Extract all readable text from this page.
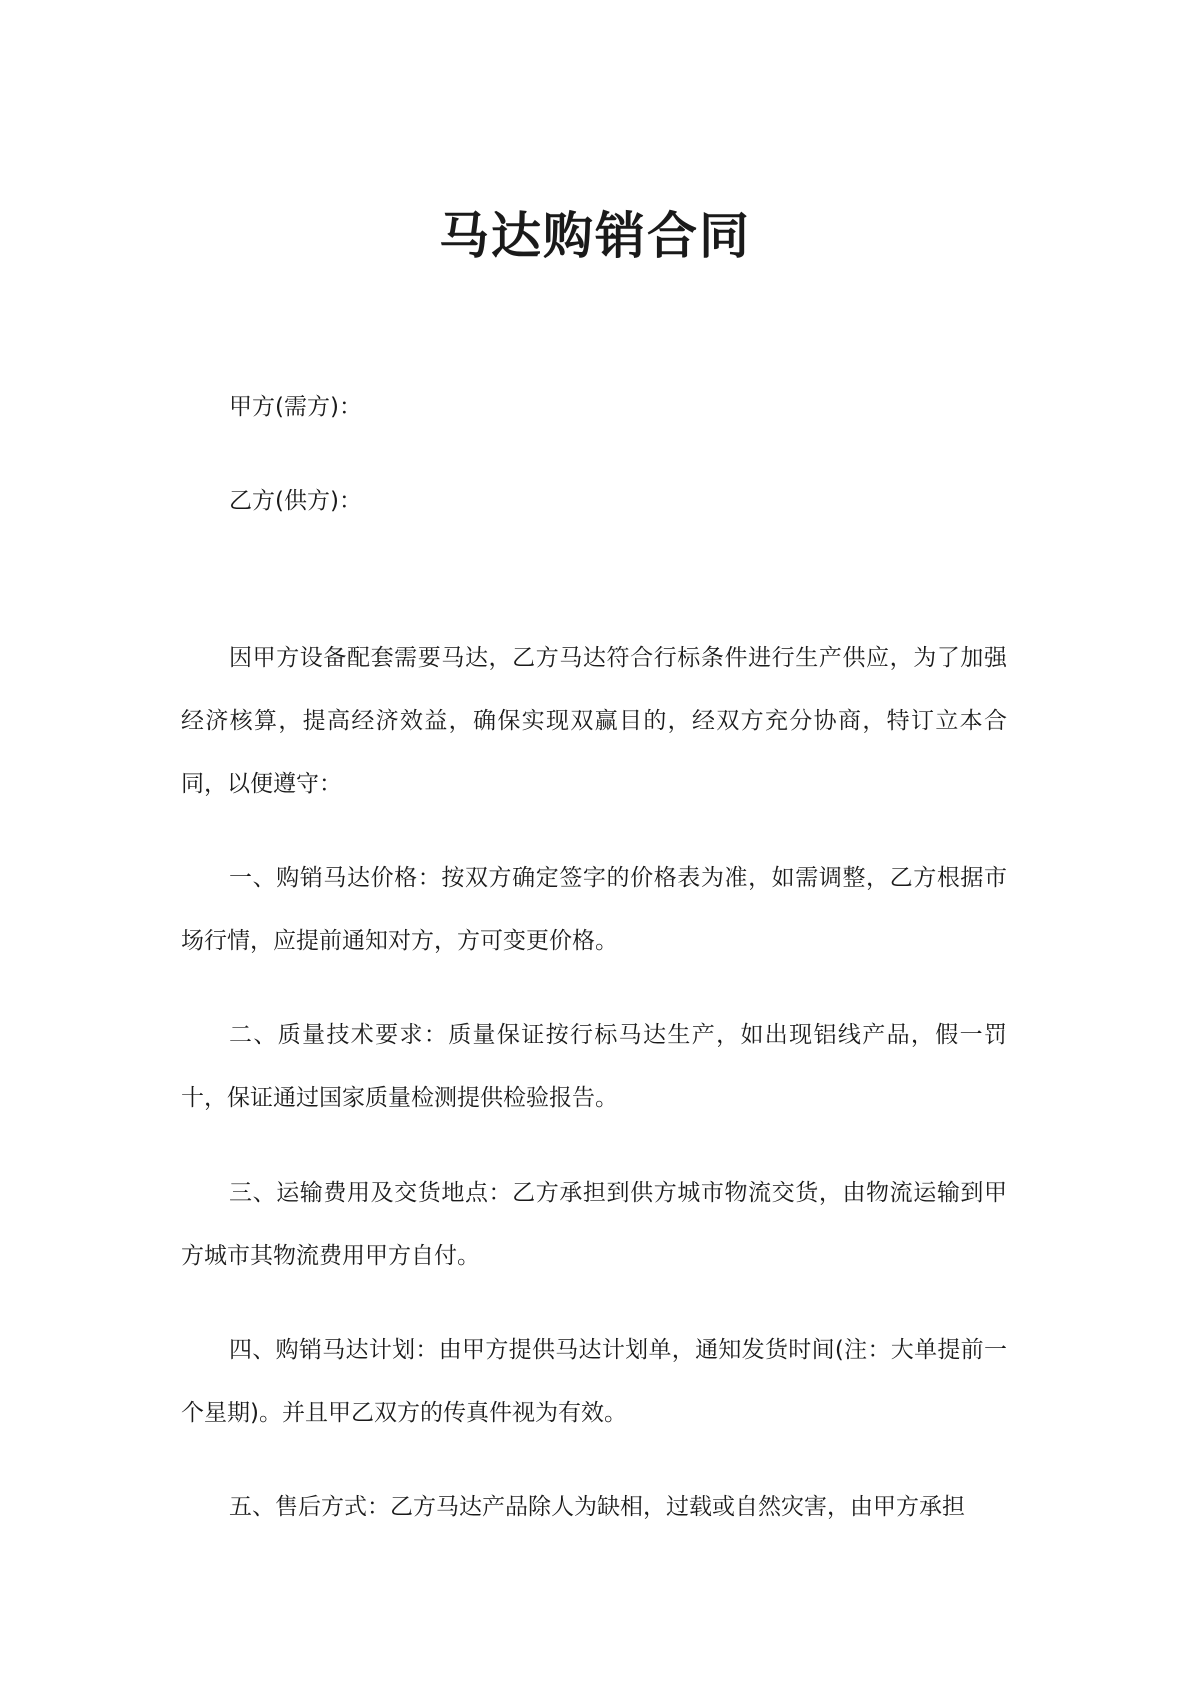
马达购销合同

甲方(需方)：

乙方(供方)：

因甲方设备配套需要马达，乙方马达符合行标条件进行生产供应，为了加强经济核算，提高经济效益，确保实现双赢目的，经双方充分协商，特订立本合同，以便遵守：

一、购销马达价格：按双方确定签字的价格表为准，如需调整，乙方根据市场行情，应提前通知对方，方可变更价格。

二、质量技术要求：质量保证按行标马达生产，如出现铝线产品，假一罚十，保证通过国家质量检测提供检验报告。

三、运输费用及交货地点：乙方承担到供方城市物流交货，由物流运输到甲方城市其物流费用甲方自付。

四、购销马达计划：由甲方提供马达计划单，通知发货时间(注：大单提前一个星期)。并且甲乙双方的传真件视为有效。

五、售后方式：乙方马达产品除人为缺相，过载或自然灾害，由甲方承担
